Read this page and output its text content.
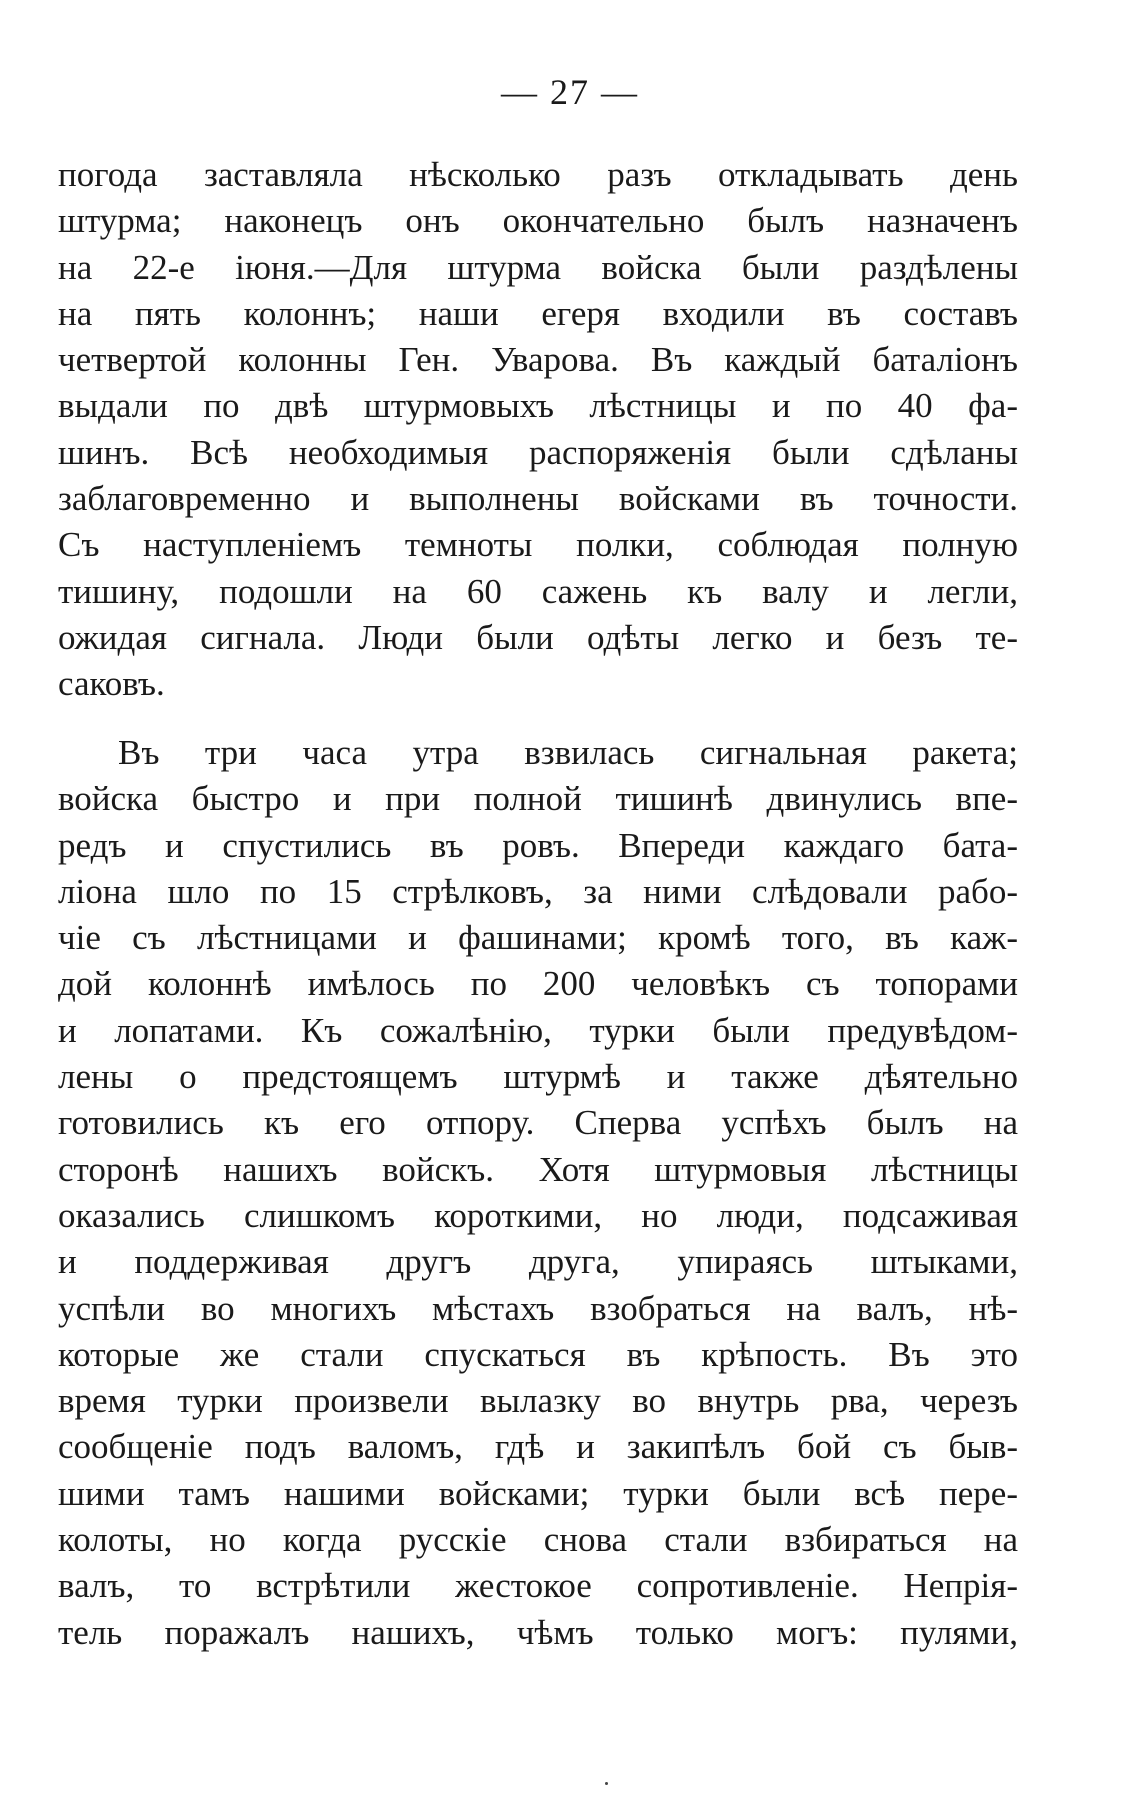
— 27 —
погода заставляла нѣсколько разъ откладывать день
штурма; наконецъ онъ окончательно былъ назначенъ
на 22-е іюня.—Для штурма войска были раздѣлены
на пять колоннъ; наши егеря входили въ составъ
четвертой колонны Ген. Уварова. Въ каждый баталіонъ
выдали по двѣ штурмовыхъ лѣстницы и по 40 фа-
шинъ. Всѣ необходимыя распоряженія были сдѣланы
заблаговременно и выполнены войсками въ точности.
Съ наступленіемъ темноты полки, соблюдая полную
тишину, подошли на 60 сажень къ валу и легли,
ожидая сигнала. Люди были одѣты легко и безъ те-
саковъ.
Въ три часа утра взвилась сигнальная ракета;
войска быстро и при полной тишинѣ двинулись впе-
редъ и спустились въ ровъ. Впереди каждаго бата-
ліона шло по 15 стрѣлковъ, за ними слѣдовали рабо-
чіе съ лѣстницами и фашинами; кромѣ того, въ каж-
дой колоннѣ имѣлось по 200 человѣкъ съ топорами
и лопатами. Къ сожалѣнію, турки были предувѣдом-
лены о предстоящемъ штурмѣ и также дѣятельно
готовились къ его отпору. Сперва успѣхъ былъ на
сторонѣ нашихъ войскъ. Хотя штурмовыя лѣстницы
оказались слишкомъ короткими, но люди, подсаживая
и поддерживая другъ друга, упираясь штыками,
успѣли во многихъ мѣстахъ взобраться на валъ, нѣ-
которые же стали спускаться въ крѣпость. Въ это
время турки произвели вылазку во внутрь рва, черезъ
сообщеніе подъ валомъ, гдѣ и закипѣлъ бой съ быв-
шими тамъ нашими войсками; турки были всѣ пере-
колоты, но когда русскіе снова стали взбираться на
валъ, то встрѣтили жестокое сопротивленіе. Непрія-
тель поражалъ нашихъ, чѣмъ только могъ: пулями,
